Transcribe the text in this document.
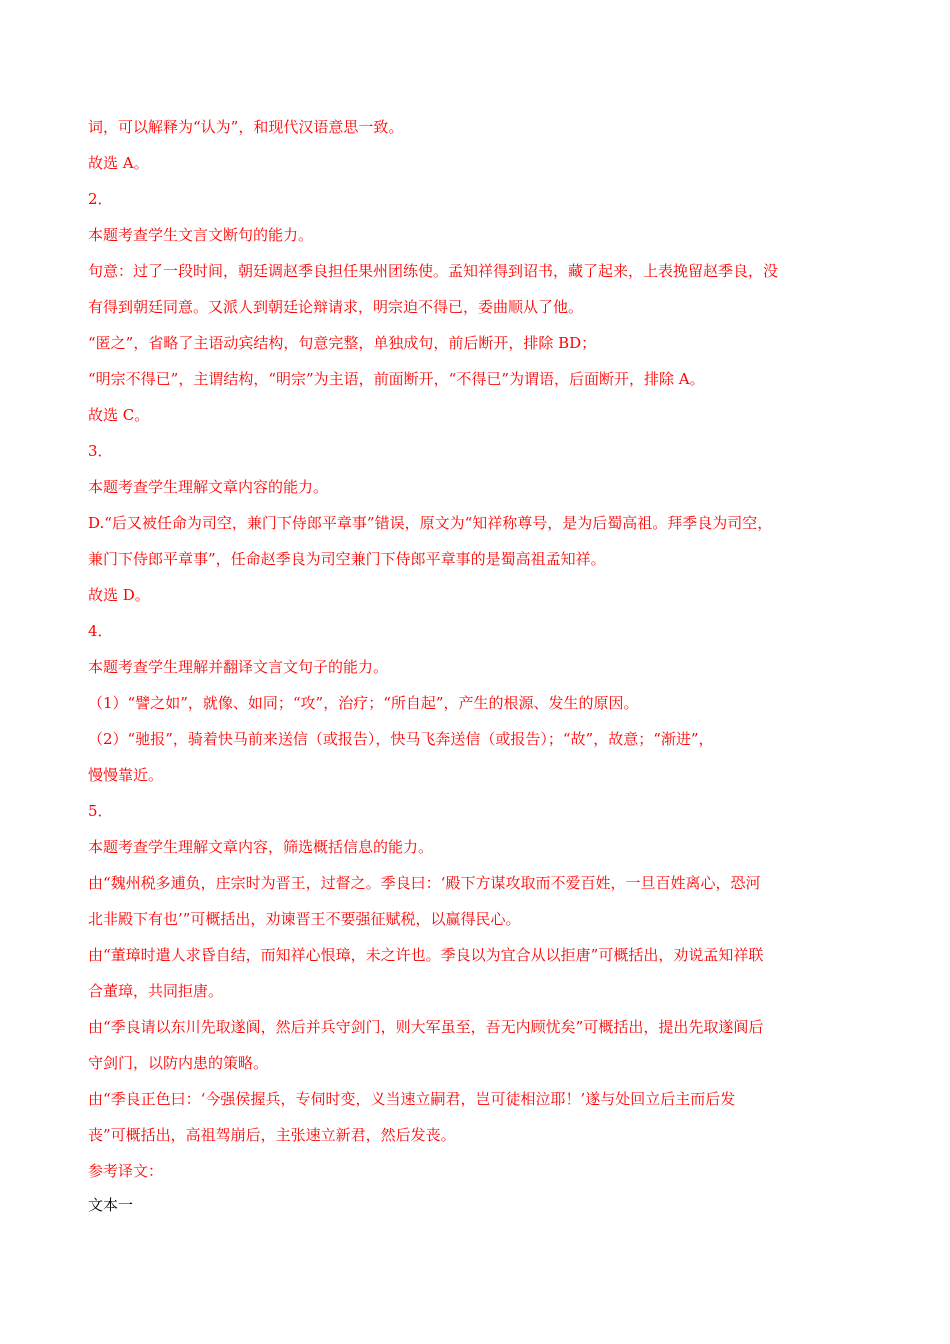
词，可以解释为“认为”，和现代汉语意思一致。
故选 A。
2．
本题考查学生文言文断句的能力。
句意：过了一段时间，朝廷调赵季良担任果州团练使。孟知祥得到诏书，藏了起来，上表挽留赵季良，没
有得到朝廷同意。又派人到朝廷论辩请求，明宗迫不得已，委曲顺从了他。
“匿之”，省略了主语动宾结构，句意完整，单独成句，前后断开，排除 BD；
“明宗不得已”，主谓结构，“明宗”为主语，前面断开，“不得已”为谓语，后面断开，排除 A。
故选 C。
3．
本题考查学生理解文章内容的能力。
D.“后又被任命为司空，兼门下侍郎平章事”错误，原文为“知祥称尊号，是为后蜀高祖。拜季良为司空，
兼门下侍郎平章事”，任命赵季良为司空兼门下侍郎平章事的是蜀高祖孟知祥。
故选 D。
4．
本题考查学生理解并翻译文言文句子的能力。
（1）“譬之如”，就像、如同；“攻”，治疗；“所自起”，产生的根源、发生的原因。
（2）“驰报”，骑着快马前来送信（或报告），快马飞奔送信（或报告）；“故”，故意；“渐进”，
慢慢靠近。
5．
本题考查学生理解文章内容，筛选概括信息的能力。
由“魏州税多逋负，庄宗时为晋王，过督之。季良曰：‘殿下方谋攻取而不爱百姓，一旦百姓离心，恐河
北非殿下有也’”可概括出，劝谏晋王不要强征赋税，以赢得民心。
由“董璋时遣人求昏自结，而知祥心恨璋，未之许也。季良以为宜合从以拒唐”可概括出，劝说孟知祥联
合董璋，共同拒唐。
由“季良请以东川先取遂阆，然后并兵守剑门，则大军虽至，吾无内顾忧矣”可概括出，提出先取遂阆后
守剑门，以防内患的策略。
由“季良正色曰：‘今强侯握兵，专伺时变，义当速立嗣君，岂可徒相泣耶！’遂与处回立后主而后发
丧”可概括出，高祖驾崩后，主张速立新君，然后发丧。
参考译文：
文本一
